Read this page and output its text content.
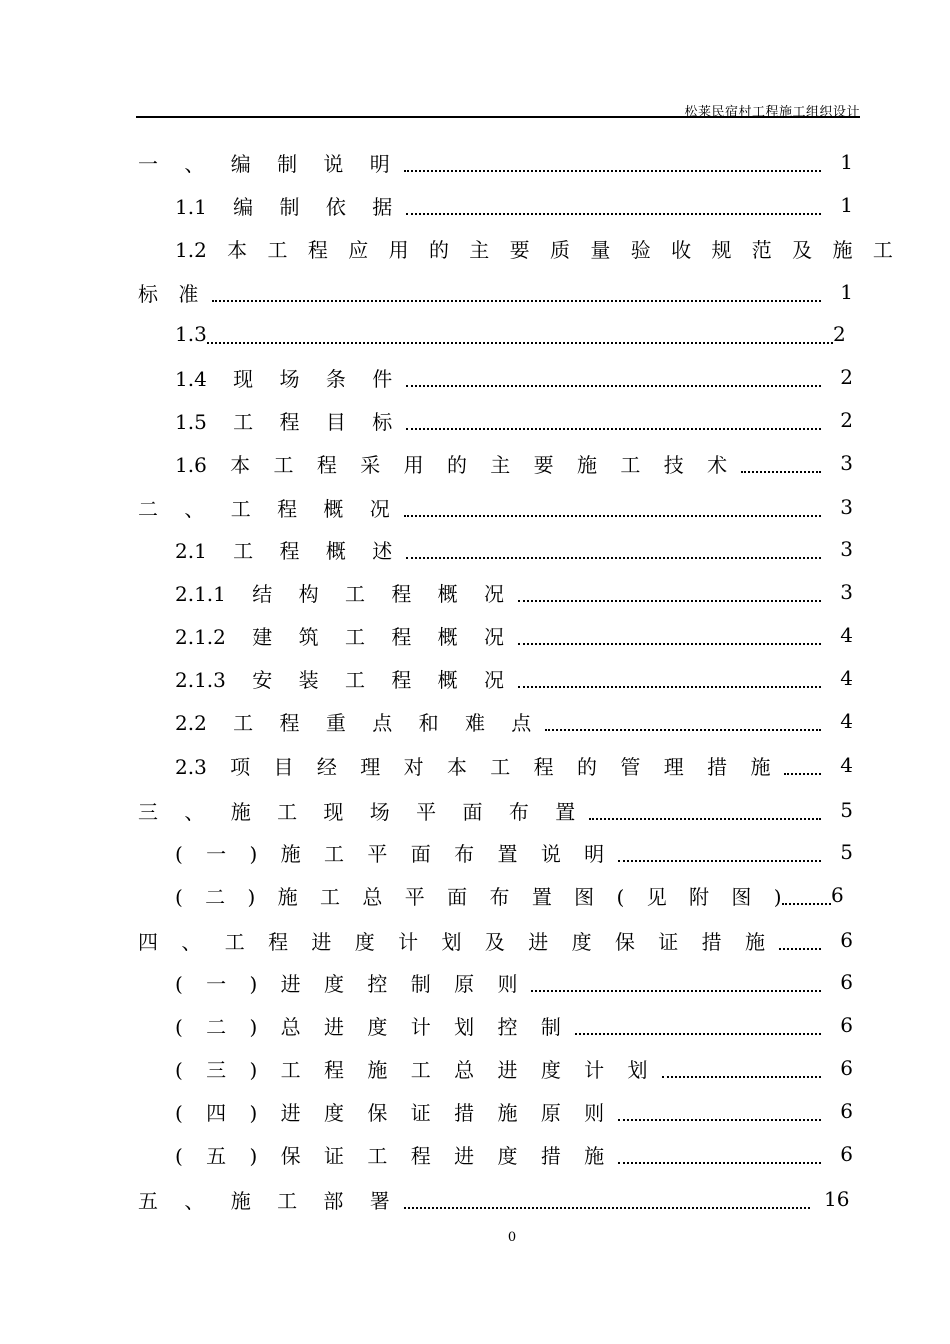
松莱民宿村工程施工组织设计
一 、 编 制 说 明	1
1.1 编 制 依 据	1
1.2 本 工 程 应 用 的 主 要 质 量 验 收 规 范 及 施 工
标 准	1
1.3	2
1.4 现 场 条 件	2
1.5 工 程 目 标	2
1.6 本 工 程 采 用 的 主 要 施 工 技 术	3
二 、 工 程 概 况	3
2.1 工 程 概 述	3
2.1.1 结 构 工 程 概 况	3
2.1.2 建 筑 工 程 概 况	4
2.1.3 安 装 工 程 概 况	4
2.2 工 程 重 点 和 难 点	4
2.3 项 目 经 理 对 本 工 程 的 管 理 措 施	4
三 、 施 工 现 场 平 面 布 置	5
( 一 ) 施 工 平 面 布 置 说 明	5
( 二 ) 施 工 总 平 面 布 置 图 ( 见 附 图 ) 6
四 、 工 程 进 度 计 划 及 进 度 保 证 措 施	6
( 一 ) 进 度 控 制 原 则	6
( 二 ) 总 进 度 计 划 控 制	6
( 三 ) 工 程 施 工 总 进 度 计 划	6
( 四 ) 进 度 保 证 措 施 原 则	6
( 五 ) 保 证 工 程 进 度 措 施	6
五 、 施 工 部 署	16
0
